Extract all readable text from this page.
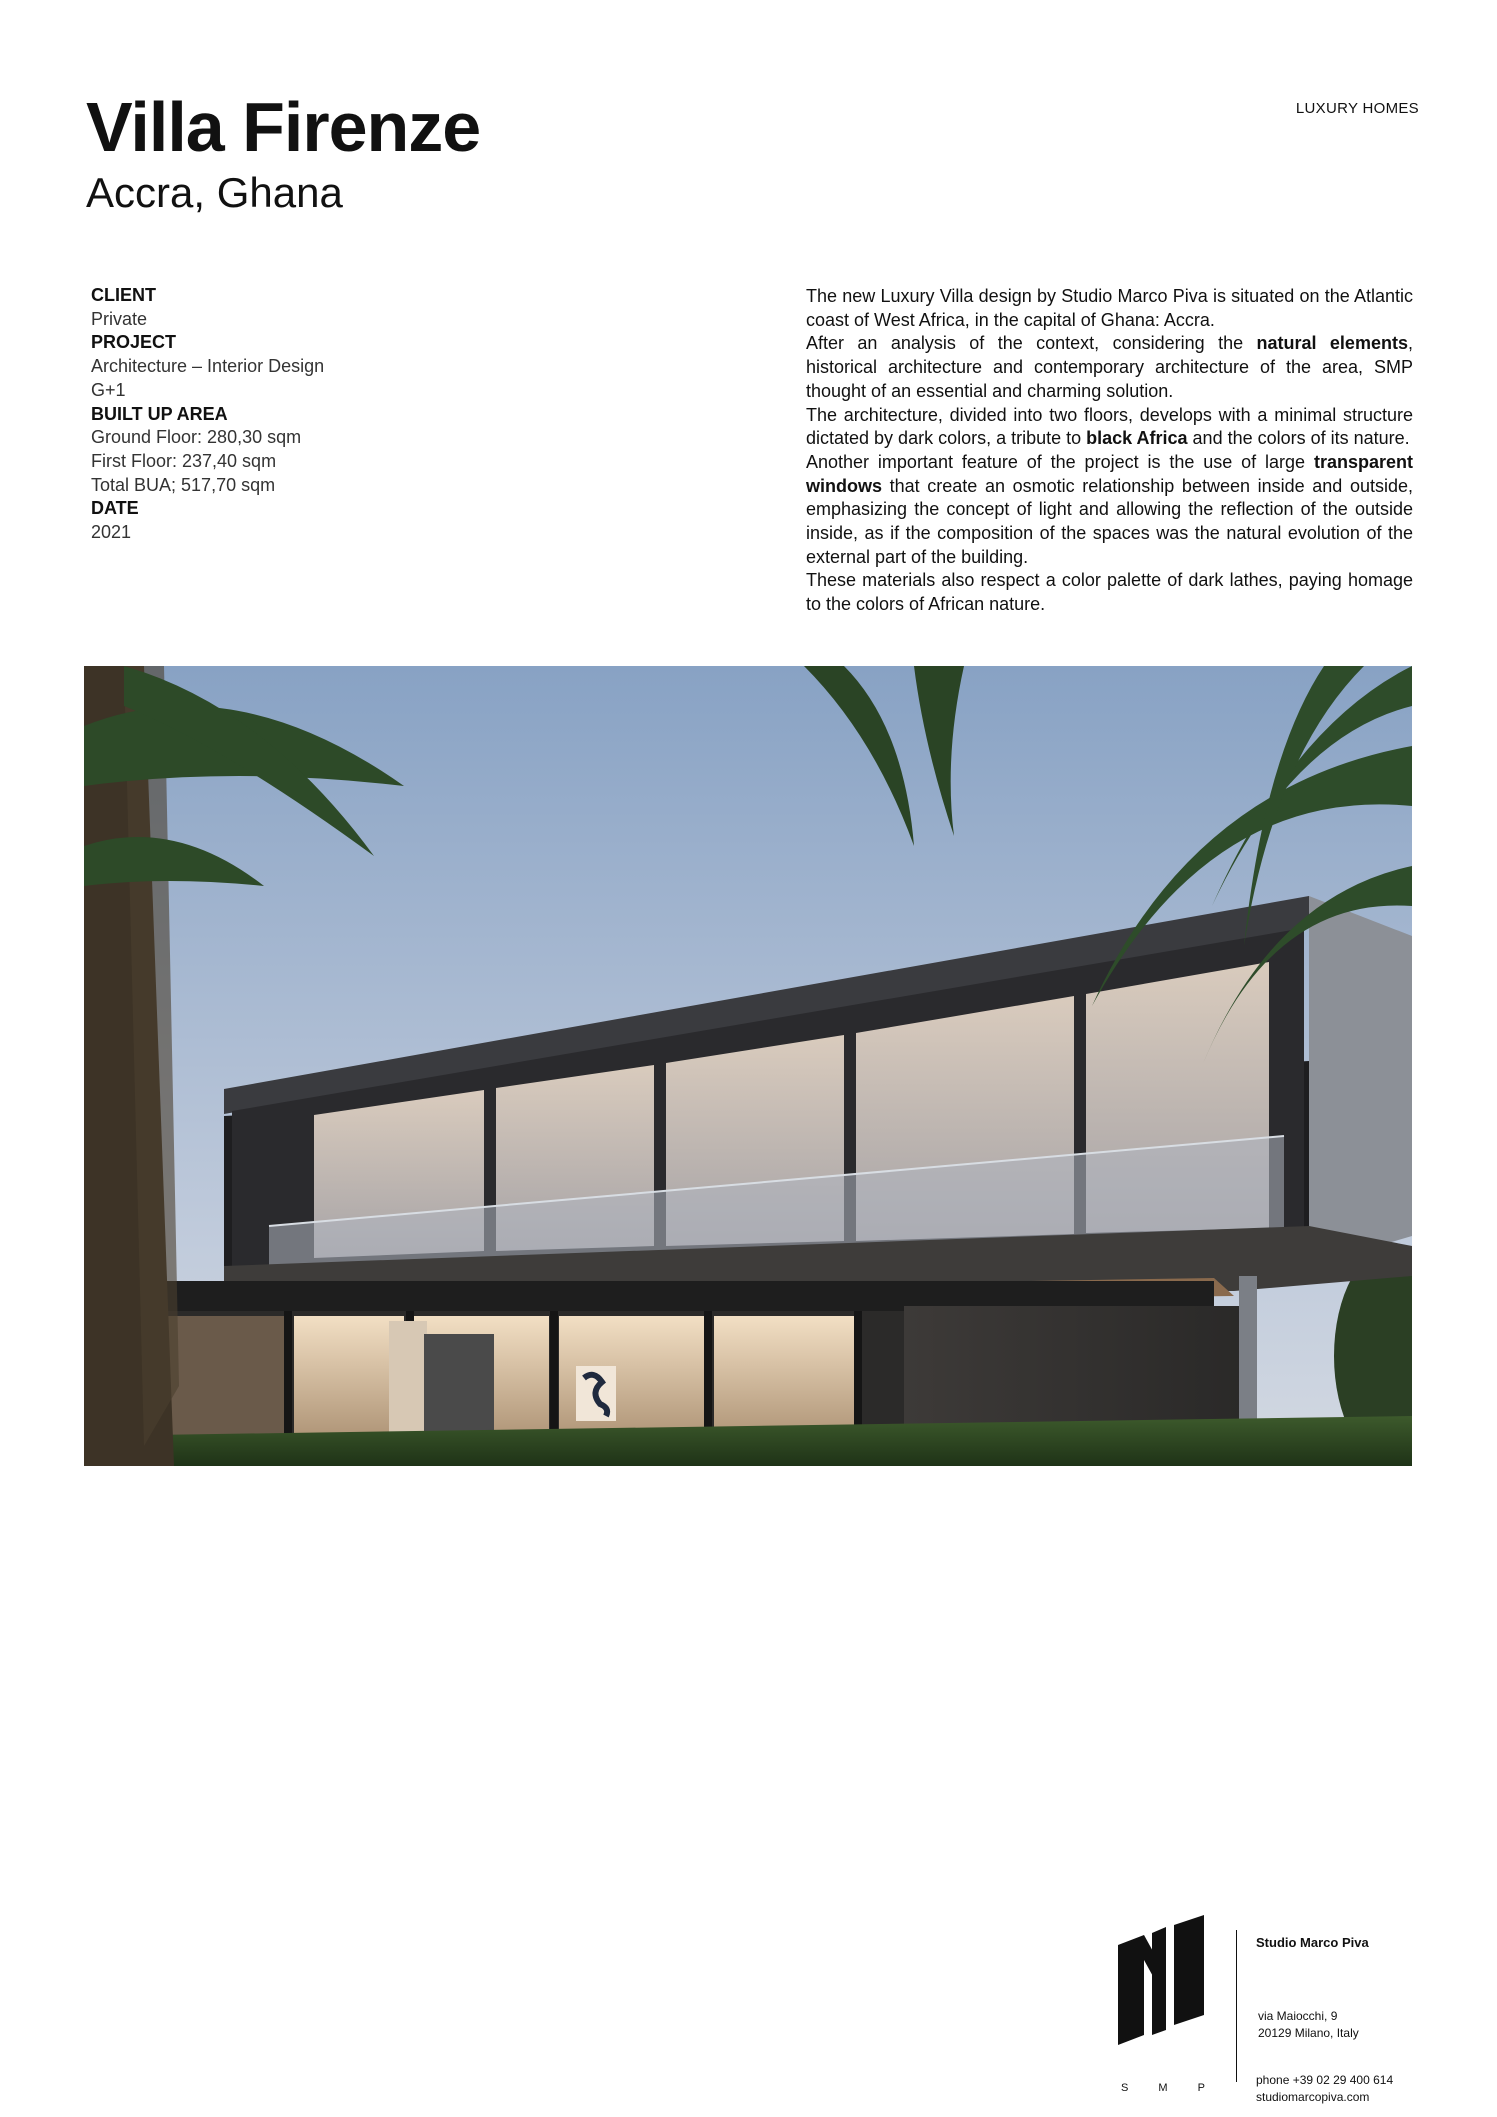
Villa Firenze
Accra, Ghana
LUXURY HOMES
CLIENT
Private
PROJECT
Architecture – Interior Design
G+1
BUILT UP AREA
Ground Floor: 280,30 sqm
First Floor: 237,40 sqm
Total BUA; 517,70 sqm
DATE
2021

The new Luxury Villa design by Studio Marco Piva is situated on the Atlantic coast of West Africa, in the capital of Ghana: Accra.

After an analysis of the context, considering the natural elements, historical architecture and contemporary architecture of the area, SMP thought of an essential and charming solution.

The architecture, divided into two floors, develops with a minimal structure dictated by dark colors, a tribute to black Africa and the colors of its nature.

Another important feature of the project is the use of large transparent windows that create an osmotic relationship between inside and outside, emphasizing the concept of light and allowing the reflection of the outside inside, as if the composition of the spaces was the natural evolution of the external part of the building.

These materials also respect a color palette of dark lathes, paying homage to the colors of African nature.

S	M	P
Studio Marco Piva
via Maiocchi, 9
20129 Milano, Italy
phone +39 02 29 400 614
studiomarcopiva.com
